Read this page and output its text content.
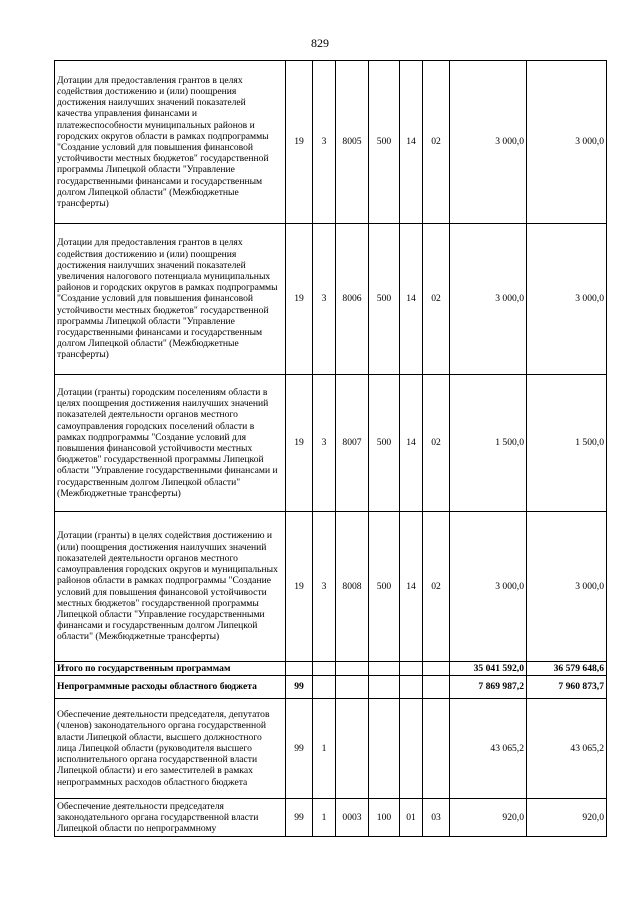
829
Дотации для предоставления грантов в целях содействия достижению и (или) поощрения достижения наилучших значений показателей качества управления финансами и платежеспособности муниципальных районов и городских округов области в рамках подпрограммы "Создание условий для повышения финансовой устойчивости местных бюджетов" государственной программы Липецкой области "Управление государственными финансами и государственным долгом Липецкой области" (Межбюджетные трансферты)	19	3	8005	500	14	02	3 000,0	3 000,0
Дотации для предоставления грантов в целях содействия достижению и (или) поощрения достижения наилучших значений показателей увеличения налогового потенциала муниципальных районов и городских округов в рамках подпрограммы "Создание условий для повышения финансовой устойчивости местных бюджетов" государственной программы Липецкой области "Управление государственными финансами и государственным долгом Липецкой области" (Межбюджетные трансферты)	19	3	8006	500	14	02	3 000,0	3 000,0
Дотации (гранты) городским поселениям области в целях поощрения достижения наилучших значений показателей деятельности органов местного самоуправления городских поселений области в рамках подпрограммы "Создание условий для повышения финансовой устойчивости местных бюджетов" государственной программы Липецкой области "Управление государственными финансами и государственным долгом Липецкой области" (Межбюджетные трансферты)	19	3	8007	500	14	02	1 500,0	1 500,0
Дотации (гранты) в целях содействия достижению и (или) поощрения достижения наилучших значений показателей деятельности органов местного самоуправления городских округов и муниципальных районов области в рамках подпрограммы "Создание условий для повышения финансовой устойчивости местных бюджетов" государственной программы Липецкой области "Управление государственными финансами и государственным долгом Липецкой области" (Межбюджетные трансферты)	19	3	8008	500	14	02	3 000,0	3 000,0
Итого по государственным программам							35 041 592,0	36 579 648,6
Непрограммные расходы областного бюджета	99						7 869 987,2	7 960 873,7
Обеспечение деятельности председателя, депутатов (членов) законодательного органа государственной власти Липецкой области, высшего должностного лица Липецкой области (руководителя высшего исполнительного органа государственной власти Липецкой области) и его заместителей в рамках непрограммных расходов областного бюджета	99	1					43 065,2	43 065,2
Обеспечение деятельности председателя законодательного органа государственной власти Липецкой области по непрограммному	99	1	0003	100	01	03	920,0	920,0
